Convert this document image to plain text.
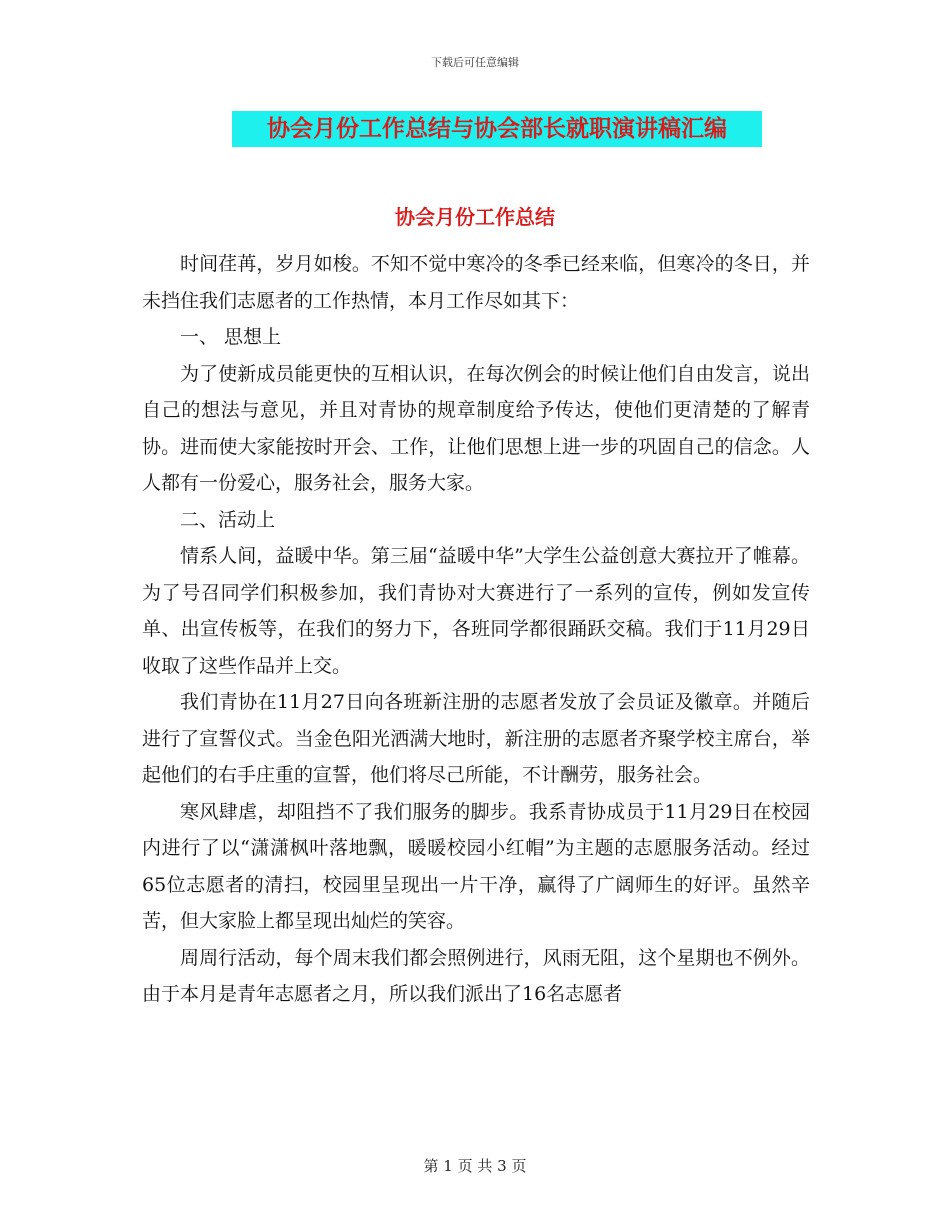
下载后可任意编辑
协会月份工作总结与协会部长就职演讲稿汇编
协会月份工作总结

时间荏苒，岁月如梭。不知不觉中寒冷的冬季已经来临，但寒冷的冬日，并未挡住我们志愿者的工作热情，本月工作尽如其下：

一、 思想上

为了使新成员能更快的互相认识，在每次例会的时候让他们自由发言，说出自己的想法与意见，并且对青协的规章制度给予传达，使他们更清楚的了解青协。进而使大家能按时开会、工作，让他们思想上进一步的巩固自己的信念。人人都有一份爱心，服务社会，服务大家。

二、活动上

情系人间，益暖中华。第三届“益暖中华”大学生公益创意大赛拉开了帷幕。为了号召同学们积极参加，我们青协对大赛进行了一系列的宣传，例如发宣传单、出宣传板等，在我们的努力下，各班同学都很踊跃交稿。我们于11月29日收取了这些作品并上交。

我们青协在11月27日向各班新注册的志愿者发放了会员证及徽章。并随后进行了宣誓仪式。当金色阳光洒满大地时，新注册的志愿者齐聚学校主席台，举起他们的右手庄重的宣誓，他们将尽己所能，不计酬劳，服务社会。

寒风肆虐，却阻挡不了我们服务的脚步。我系青协成员于11月29日在校园内进行了以“潇潇枫叶落地飘，暖暖校园小红帽”为主题的志愿服务活动。经过65位志愿者的清扫，校园里呈现出一片干净，赢得了广阔师生的好评。虽然辛苦，但大家脸上都呈现出灿烂的笑容。

周周行活动，每个周末我们都会照例进行，风雨无阻，这个星期也不例外。由于本月是青年志愿者之月，所以我们派出了16名志愿者

第 1 页 共 3 页
